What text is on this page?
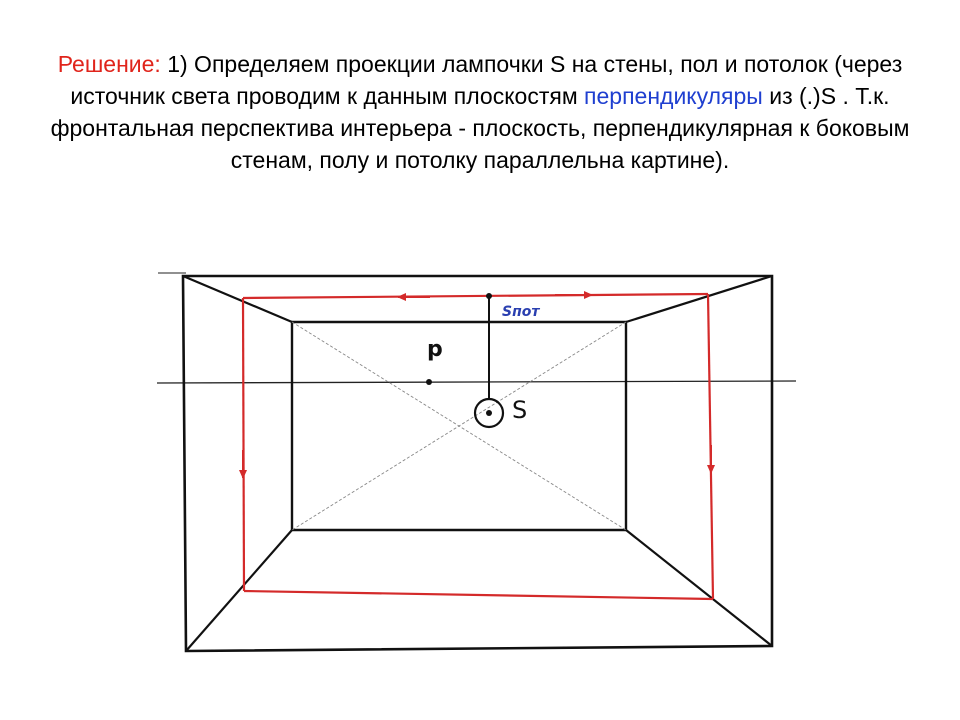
Решение: 1) Определяем проекции лампочки S на стены, пол и потолок (через источник света проводим к данным плоскостям перпендикуляры из (.)S . Т.к. фронтальная перспектива интерьера - плоскость, перпендикулярная к боковым стенам, полу и потолку параллельна картине).
p
S
Sпот
